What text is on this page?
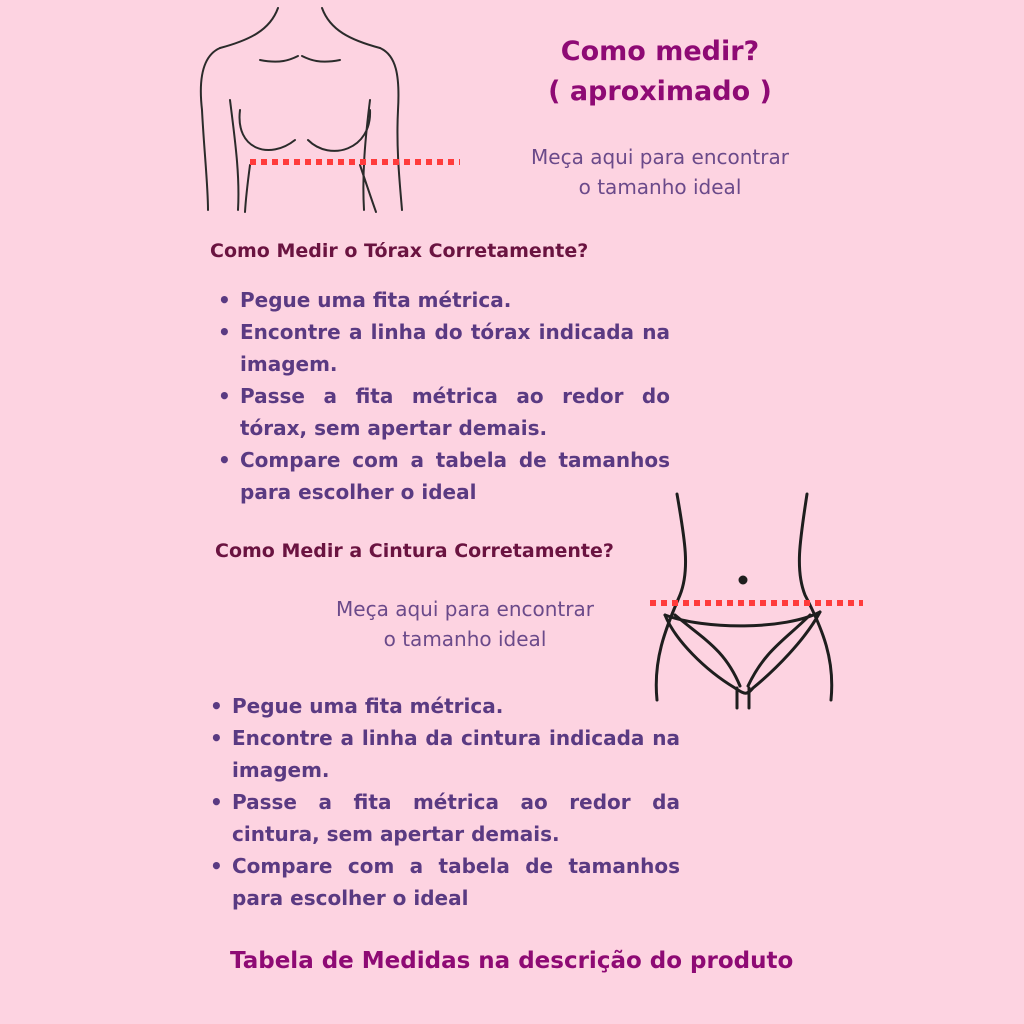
Como medir?
( aproximado )
Meça aqui para encontrar
o tamanho ideal
Como Medir o Tórax Corretamente?
• Pegue uma fita métrica.
• Encontre a linha do tórax indicada na imagem.
• Passe a fita métrica ao redor do tórax, sem apertar demais.
• Compare com a tabela de tamanhos para escolher o ideal
Como Medir a Cintura Corretamente?
Meça aqui para encontrar
o tamanho ideal
• Pegue uma fita métrica.
• Encontre a linha da cintura indicada na imagem.
• Passe a fita métrica ao redor da cintura, sem apertar demais.
• Compare com a tabela de tamanhos para escolher o ideal
Tabela de Medidas na descrição do produto
